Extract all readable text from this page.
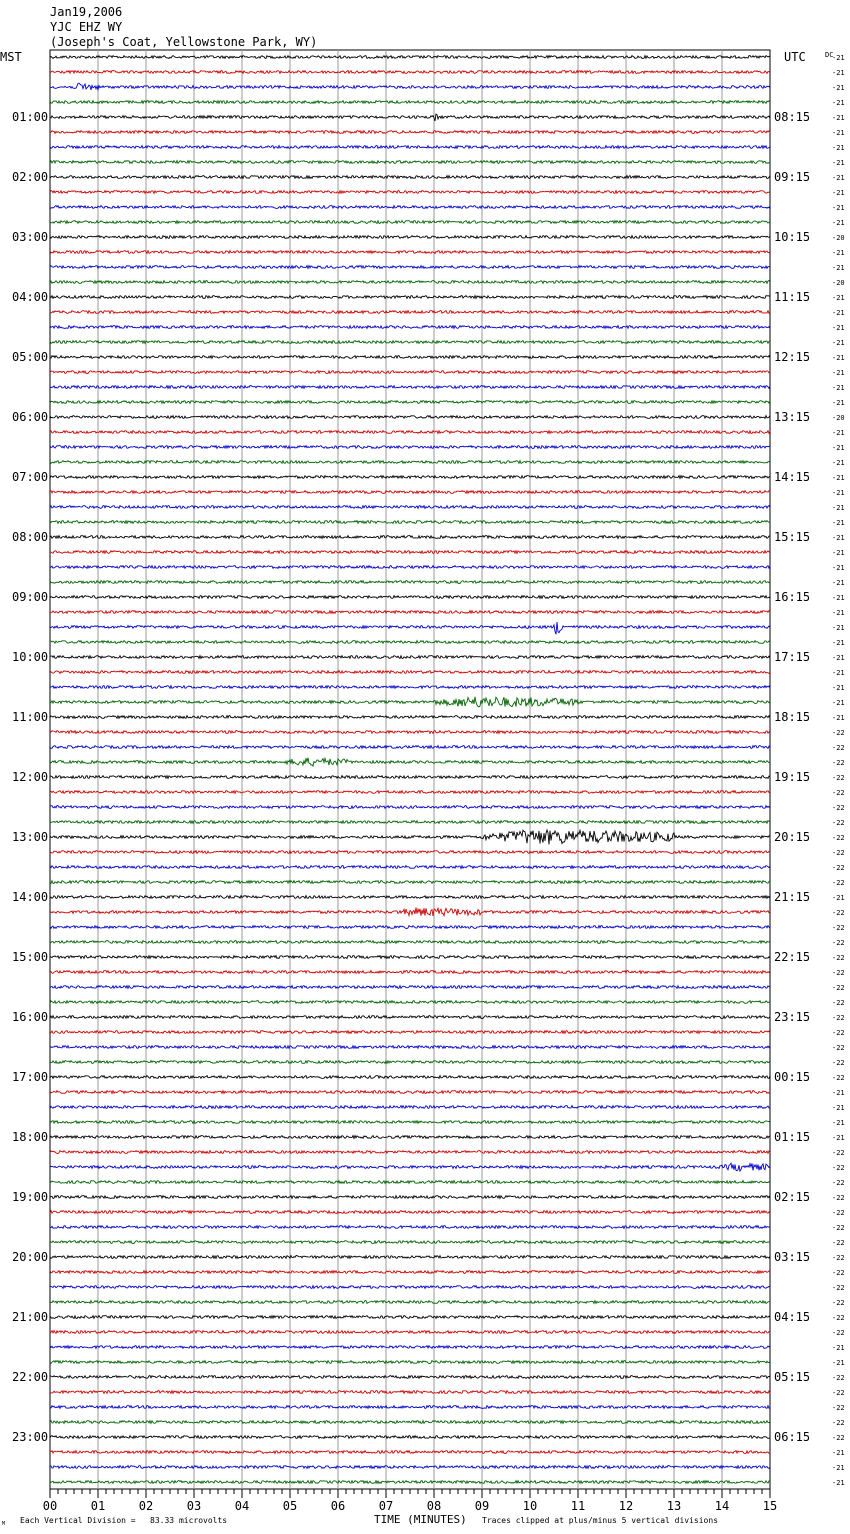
Jan19,2006
YJC EHZ WY
(Joseph's Coat, Yellowstone Park, WY)
MST	UTC	DC
01:00
02:00
03:00
04:00
05:00
06:00
07:00
08:00
09:00
10:00
11:00
12:00
13:00
14:00
15:00
16:00
17:00
18:00
19:00
20:00
21:00
22:00
23:00
08:15
09:15
10:15
11:15
12:15
13:15
14:15
15:15
16:15
17:15
18:15
19:15
20:15
21:15
22:15
23:15
00:15
01:15
02:15
03:15
04:15
05:15
06:15
-21
-21
-21
-21
-21
-21
-21
-21
-21
-21
-21
-21
-20
-21
-21
-20
-21
-21
-21
-21
-21
-21
-21
-21
-20
-21
-21
-21
-21
-21
-21
-21
-21
-21
-21
-21
-21
-21
-21
-21
-21
-21
-21
-21
-21
-22
-22
-22
-22
-22
-22
-22
-22
-22
-22
-22
-21
-22
-22
-22
-22
-22
-22
-22
-22
-22
-22
-22
-22
-21
-21
-21
-21
-22
-22
-22
-22
-22
-22
-22
-22
-22
-22
-22
-22
-22
-21
-21
-22
-22
-22
-22
-22
-21
-21
-21
00	01	02	03	04	05	06	07	08	09	10	11	12	13	14	15
M Each Vertical Division =   83.33 microvolts	TIME (MINUTES) Traces clipped at plus/minus 5 vertical divisions
